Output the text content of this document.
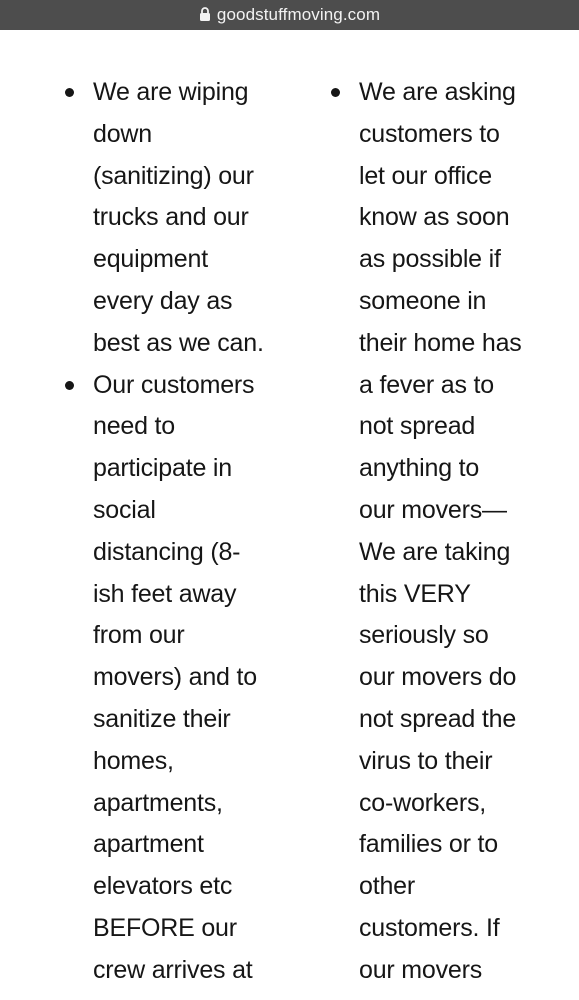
goodstuffmoving.com
We are wiping
down
(sanitizing) our
trucks and our
equipment
every day as
best as we can.
Our customers
need to
participate in
social
distancing (8-
ish feet away
from our
movers) and to
sanitize their
homes,
apartments,
apartment
elevators etc
BEFORE our
crew arrives at
We are asking
customers to
let our office
know as soon
as possible if
someone in
their home has
a fever as to
not spread
anything to
our movers—
We are taking
this VERY
seriously so
our movers do
not spread the
virus to their
co-workers,
families or to
other
customers. If
our movers
